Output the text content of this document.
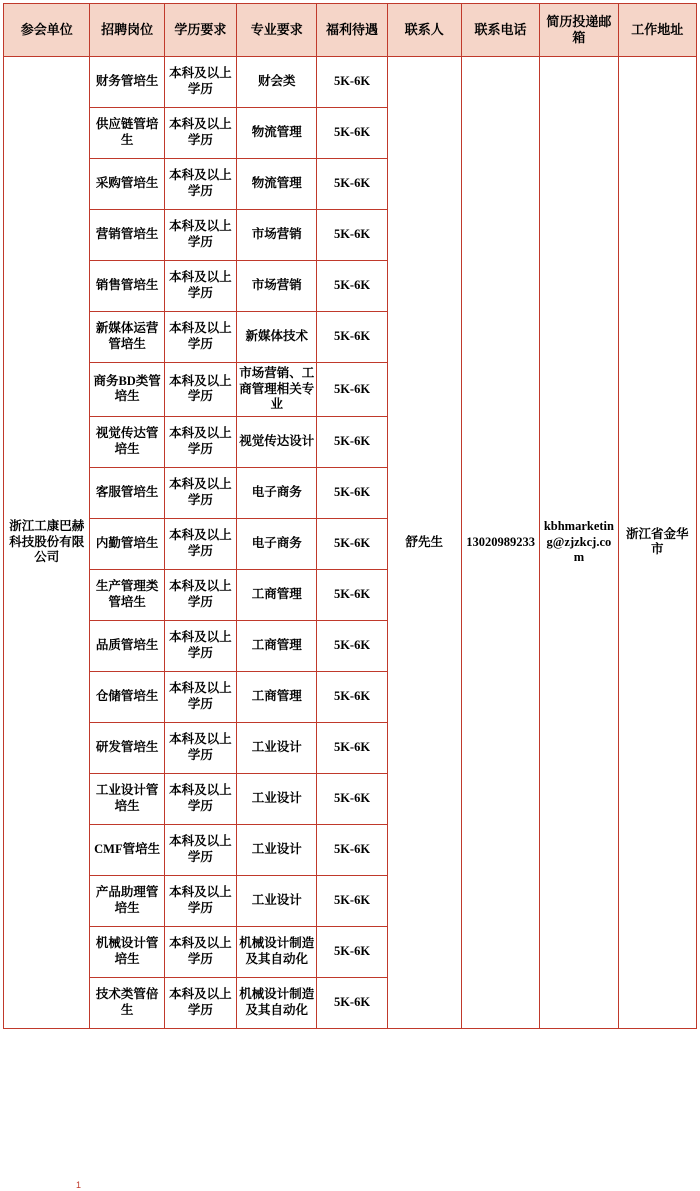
参会单位	招聘岗位	学历要求	专业要求	福利待遇	联系人	联系电话	简历投递邮箱	工作地址
浙江工康巴赫科技股份有限公司	财务管培生	本科及以上学历	财会类	5K-6K	舒先生	13020989233	kbhmarketing@zjzkcj.com	浙江省金华市
	供应链管培生	本科及以上学历	物流管理	5K-6K				
	采购管培生	本科及以上学历	物流管理	5K-6K				
	营销管培生	本科及以上学历	市场营销	5K-6K				
	销售管培生	本科及以上学历	市场营销	5K-6K				
	新媒体运营管培生	本科及以上学历	新媒体技术	5K-6K				
	商务BD类管培生	本科及以上学历	市场营销、工商管理相关专业	5K-6K				
	视觉传达管培生	本科及以上学历	视觉传达设计	5K-6K				
	客服管培生	本科及以上学历	电子商务	5K-6K				
	内勤管培生	本科及以上学历	电子商务	5K-6K				
	生产管理类管培生	本科及以上学历	工商管理	5K-6K				
	品质管培生	本科及以上学历	工商管理	5K-6K				
	仓储管培生	本科及以上学历	工商管理	5K-6K				
	研发管培生	本科及以上学历	工业设计	5K-6K				
	工业设计管培生	本科及以上学历	工业设计	5K-6K				
	CMF管培生	本科及以上学历	工业设计	5K-6K				
	产品助理管培生	本科及以上学历	工业设计	5K-6K				
	机械设计管培生	本科及以上学历	机械设计制造及其自动化	5K-6K				
	技术类管倍生	本科及以上学历	机械设计制造及其自动化	5K-6K				
1
